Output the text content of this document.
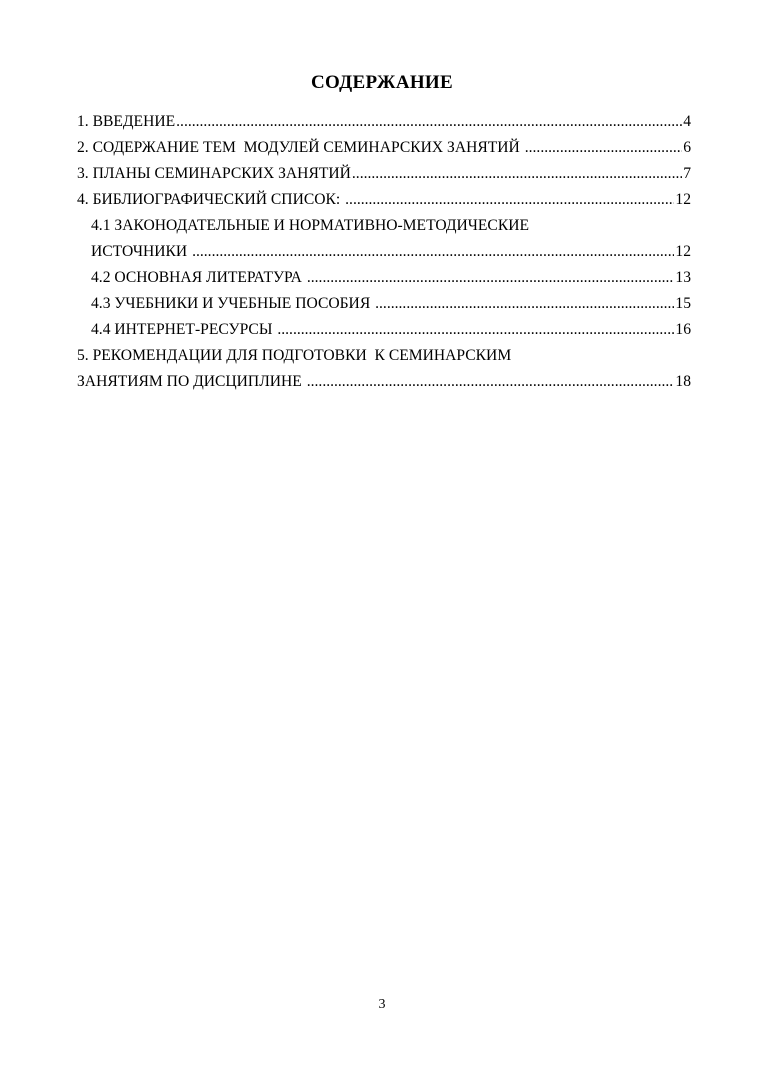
СОДЕРЖАНИЕ
1. ВВЕДЕНИЕ .....	4
2. СОДЕРЖАНИЕ ТЕМ  МОДУЛЕЙ СЕМИНАРСКИХ ЗАНЯТИЙ .....	6
3. ПЛАНЫ СЕМИНАРСКИХ ЗАНЯТИЙ .....	7
4. БИБЛИОГРАФИЧЕСКИЙ СПИСОК: .....	12
4.1 ЗАКОНОДАТЕЛЬНЫЕ И НОРМАТИВНО-МЕТОДИЧЕСКИЕ
ИСТОЧНИКИ .....	12
4.2 ОСНОВНАЯ ЛИТЕРАТУРА .....	13
4.3 УЧЕБНИКИ И УЧЕБНЫЕ ПОСОБИЯ .....	15
4.4 ИНТЕРНЕТ-РЕСУРСЫ .....	16
5. РЕКОМЕНДАЦИИ ДЛЯ ПОДГОТОВКИ  К СЕМИНАРСКИМ
ЗАНЯТИЯМ ПО ДИСЦИПЛИНЕ .....	18
3
